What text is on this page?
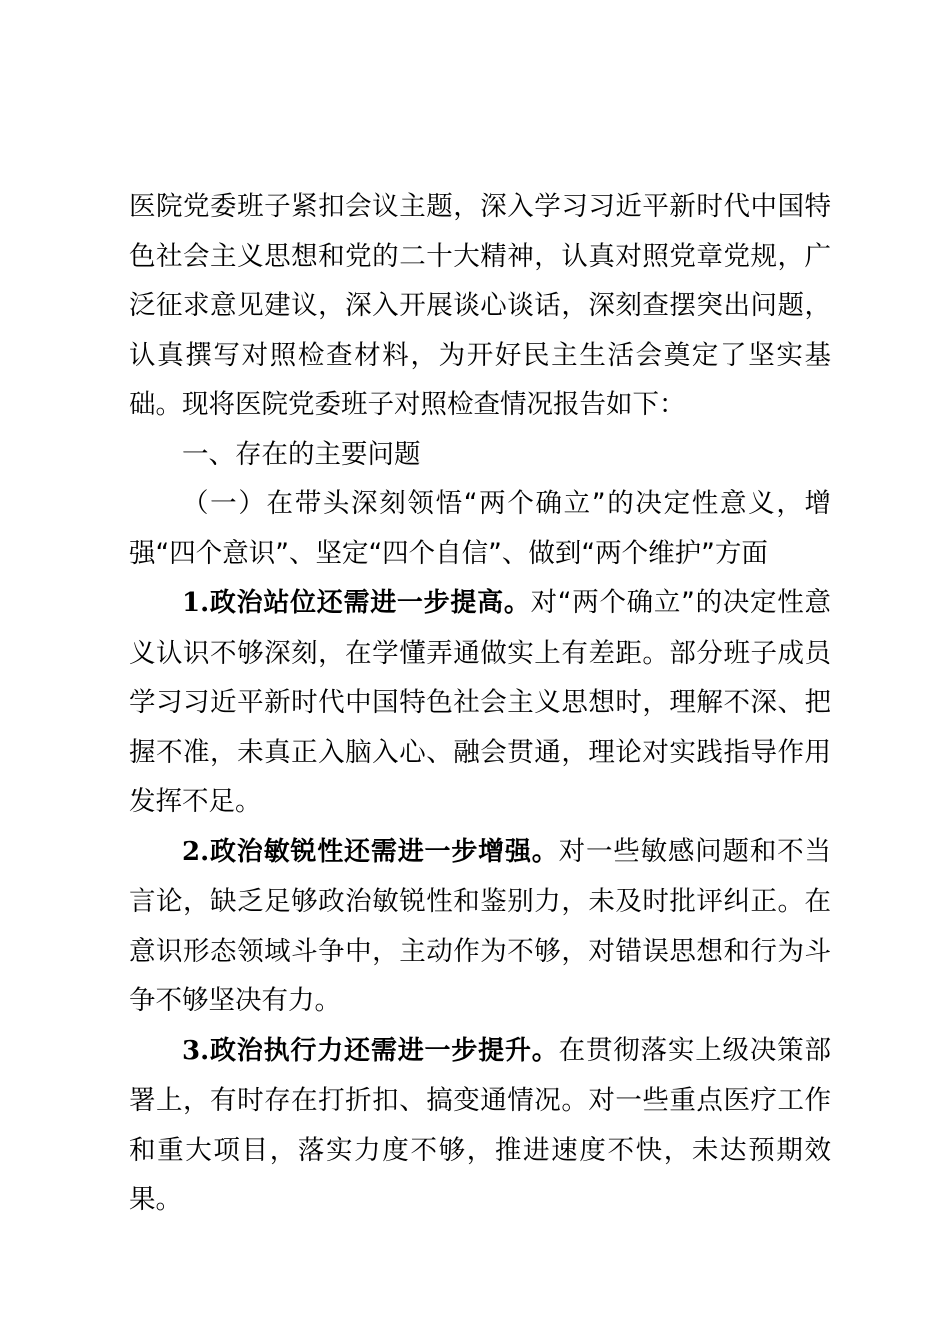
医院党委班子紧扣会议主题，深入学习习近平新时代中国特色社会主义思想和党的二十大精神，认真对照党章党规，广泛征求意见建议，深入开展谈心谈话，深刻查摆突出问题，认真撰写对照检查材料，为开好民主生活会奠定了坚实基础。现将医院党委班子对照检查情况报告如下：

一、存在的主要问题

（一）在带头深刻领悟“两个确立”的决定性意义，增强“四个意识”、坚定“四个自信”、做到“两个维护”方面

1.政治站位还需进一步提高。对“两个确立”的决定性意义认识不够深刻，在学懂弄通做实上有差距。部分班子成员学习习近平新时代中国特色社会主义思想时，理解不深、把握不准，未真正入脑入心、融会贯通，理论对实践指导作用发挥不足。

2.政治敏锐性还需进一步增强。对一些敏感问题和不当言论，缺乏足够政治敏锐性和鉴别力，未及时批评纠正。在意识形态领域斗争中，主动作为不够，对错误思想和行为斗争不够坚决有力。

3.政治执行力还需进一步提升。在贯彻落实上级决策部署上，有时存在打折扣、搞变通情况。对一些重点医疗工作和重大项目，落实力度不够，推进速度不快，未达预期效果。
